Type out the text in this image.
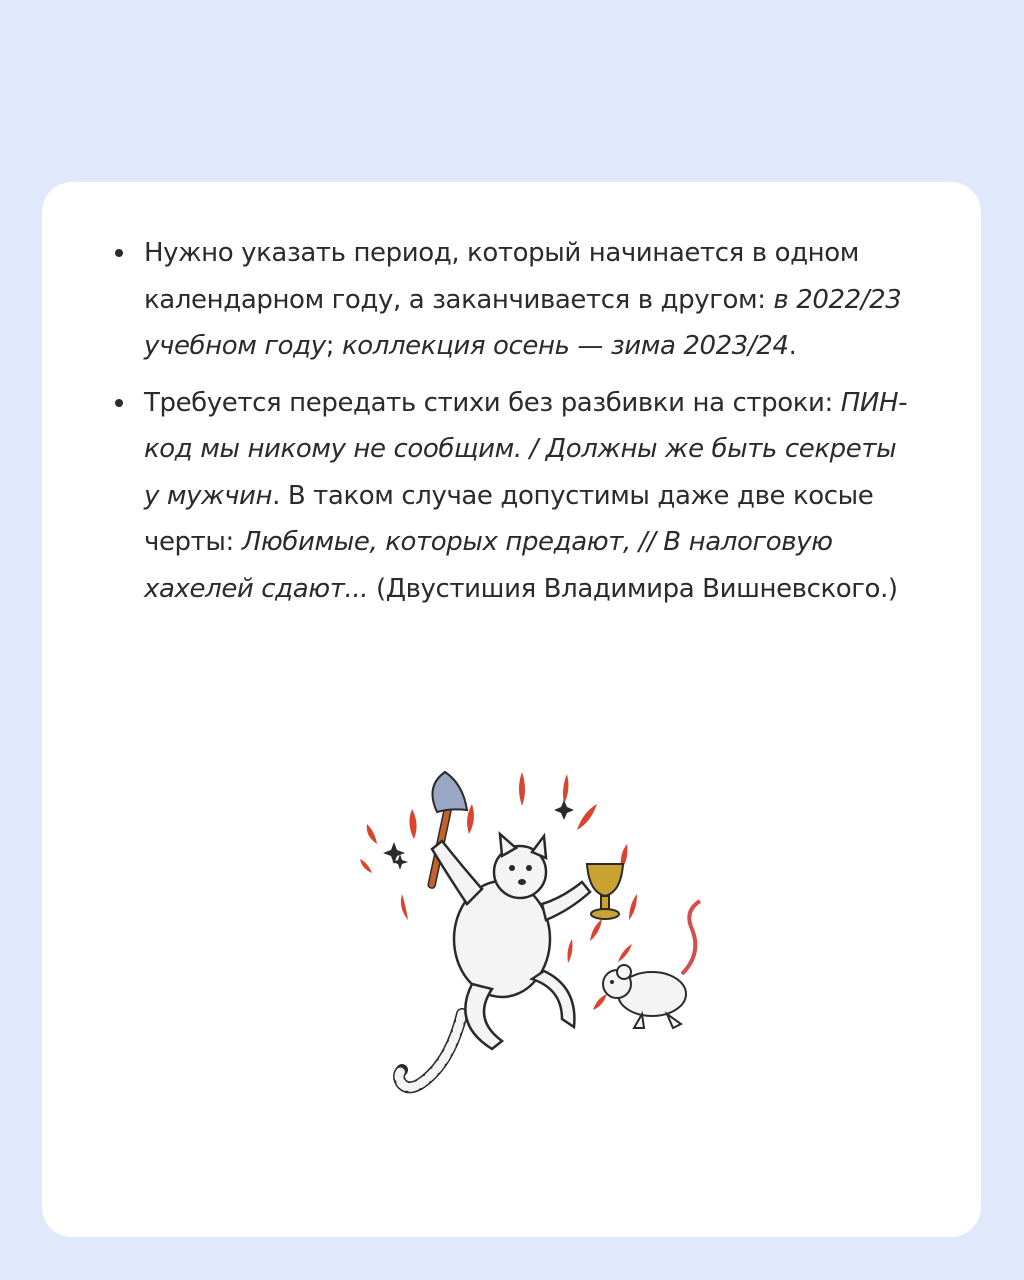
Нужно указать период, который начинается в одном
календарном году, а заканчивается в другом: в 2022/23
учебном году; коллекция осень — зима 2023/24.
Требуется передать стихи без разбивки на строки: ПИН-
код мы никому не сообщим. / Должны же быть секреты
у мужчин. В таком случае допустимы даже две косые
черты: Любимые, которых предают, // В налоговую
хахелей сдают... (Двустишия Владимира Вишневского.)
